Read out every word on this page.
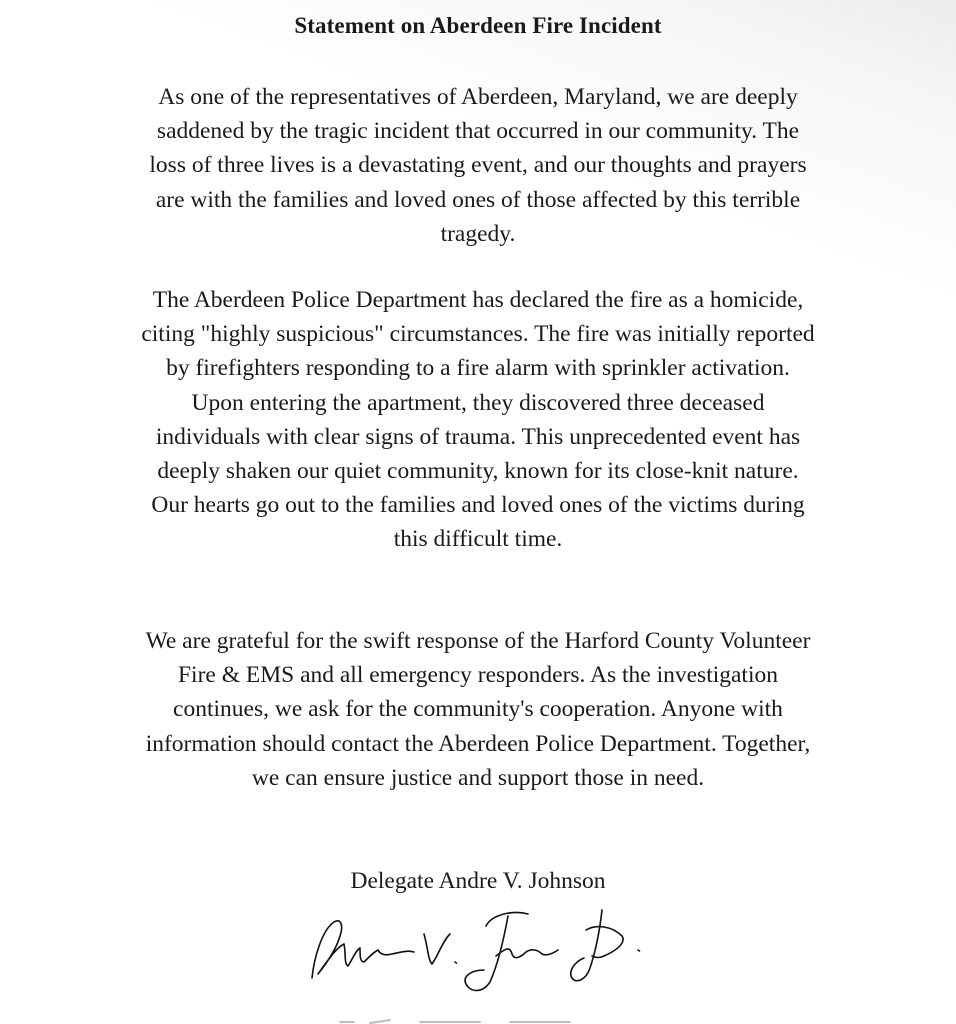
Statement on Aberdeen Fire Incident

As one of the representatives of Aberdeen, Maryland, we are deeply saddened by the tragic incident that occurred in our community. The loss of three lives is a devastating event, and our thoughts and prayers are with the families and loved ones of those affected by this terrible tragedy.

The Aberdeen Police Department has declared the fire as a homicide, citing "highly suspicious" circumstances. The fire was initially reported by firefighters responding to a fire alarm with sprinkler activation. Upon entering the apartment, they discovered three deceased individuals with clear signs of trauma. This unprecedented event has deeply shaken our quiet community, known for its close-knit nature. Our hearts go out to the families and loved ones of the victims during this difficult time.

We are grateful for the swift response of the Harford County Volunteer Fire & EMS and all emergency responders. As the investigation continues, we ask for the community's cooperation. Anyone with information should contact the Aberdeen Police Department. Together, we can ensure justice and support those in need.

Delegate Andre V. Johnson
